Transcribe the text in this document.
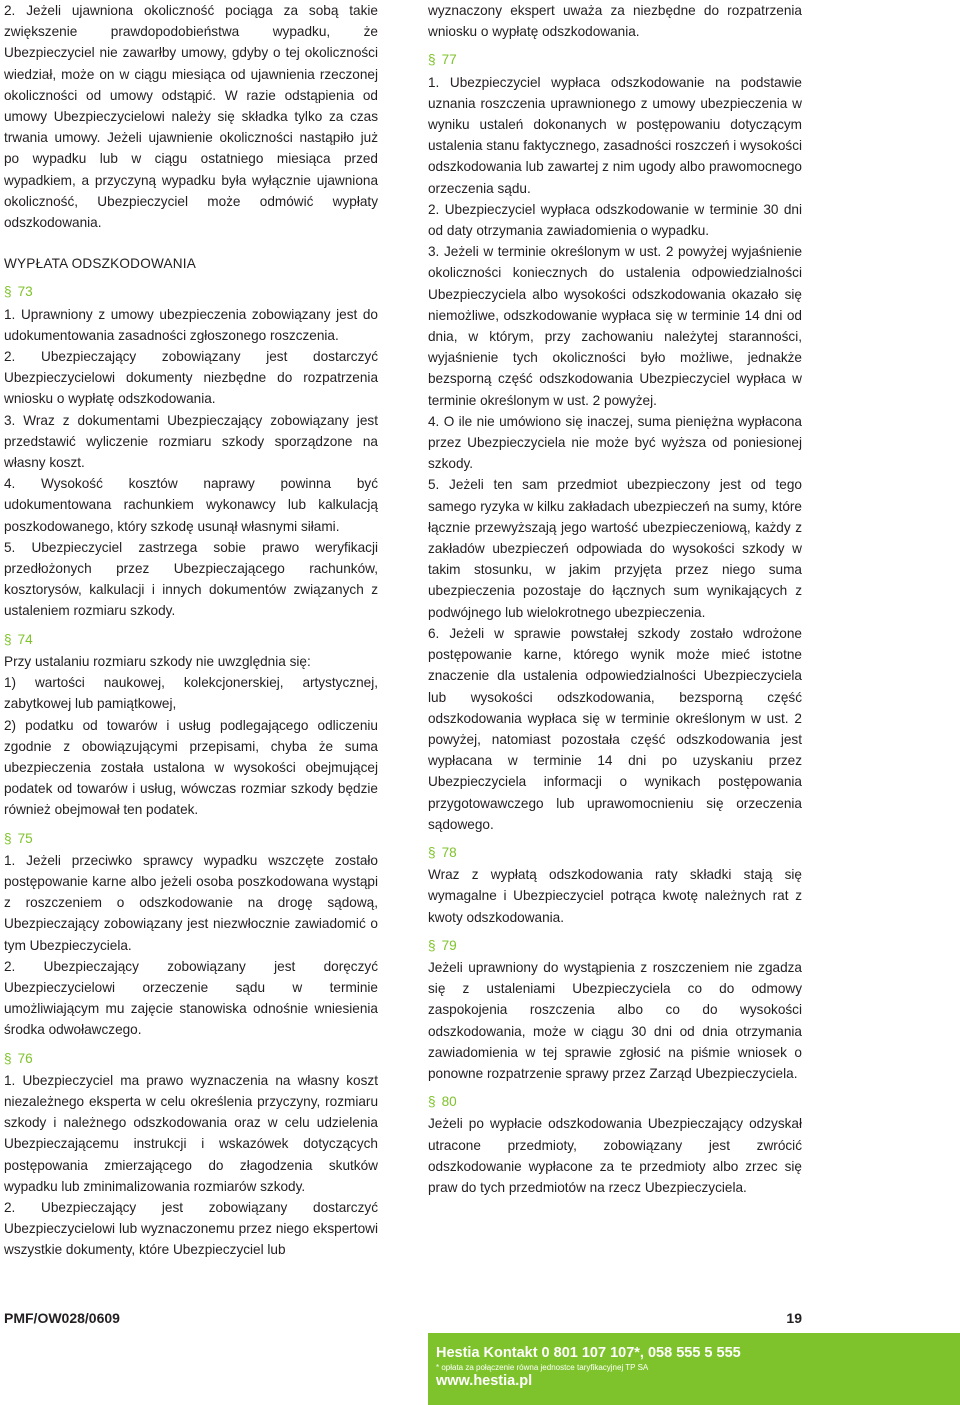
2. Jeżeli ujawniona okoliczność pociąga za sobą takie zwiększenie prawdopodobieństwa wypadku, że Ubezpieczyciel nie zawarłby umowy, gdyby o tej okoliczności wiedział, może on w ciągu miesiąca od ujawnienia rzeczonej okoliczności od umowy odstąpić. W razie odstąpienia od umowy Ubezpieczycielowi należy się składka tylko za czas trwania umowy. Jeżeli ujawnienie okoliczności nastąpiło już po wypadku lub w ciągu ostatniego miesiąca przed wypadkiem, a przyczyną wypadku była wyłącznie ujawniona okoliczność, Ubezpieczyciel może odmówić wypłaty odszkodowania.

WYPŁATA ODSZKODOWANIA
§ 73

1. Uprawniony z umowy ubezpieczenia zobowiązany jest do udokumentowania zasadności zgłoszonego roszczenia.

2. Ubezpieczający zobowiązany jest dostarczyć Ubezpieczycielowi dokumenty niezbędne do rozpatrzenia wniosku o wypłatę odszkodowania.

3. Wraz z dokumentami Ubezpieczający zobowiązany jest przedstawić wyliczenie rozmiaru szkody sporządzone na własny koszt.

4. Wysokość kosztów naprawy powinna być udokumentowana rachunkiem wykonawcy lub kalkulacją poszkodowanego, który szkodę usunął własnymi siłami.

5. Ubezpieczyciel zastrzega sobie prawo weryfikacji przedłożonych przez Ubezpieczającego rachunków, kosztorysów, kalkulacji i innych dokumentów związanych z ustaleniem rozmiaru szkody.

§ 74

Przy ustalaniu rozmiaru szkody nie uwzględnia się:

1) wartości naukowej, kolekcjonerskiej, artystycznej, zabytkowej lub pamiątkowej,

2) podatku od towarów i usług podlegającego odliczeniu zgodnie z obowiązującymi przepisami, chyba że suma ubezpieczenia została ustalona w wysokości obejmującej podatek od towarów i usług, wówczas rozmiar szkody będzie również obejmował ten podatek.

§ 75

1. Jeżeli przeciwko sprawcy wypadku wszczęte zostało postępowanie karne albo jeżeli osoba poszkodowana wystąpi z roszczeniem o odszkodowanie na drogę sądową, Ubezpieczający zobowiązany jest niezwłocznie zawiadomić o tym Ubezpieczyciela.

2. Ubezpieczający zobowiązany jest doręczyć Ubezpieczycielowi orzeczenie sądu w terminie umożliwiającym mu zajęcie stanowiska odnośnie wniesienia środka odwoławczego.

§ 76

1. Ubezpieczyciel ma prawo wyznaczenia na własny koszt niezależnego eksperta w celu określenia przyczyny, rozmiaru szkody i należnego odszkodowania oraz w celu udzielenia Ubezpieczającemu instrukcji i wskazówek dotyczących postępowania zmierzającego do złagodzenia skutków wypadku lub zminimalizowania rozmiarów szkody.

2. Ubezpieczający jest zobowiązany dostarczyć Ubezpieczycielowi lub wyznaczonemu przez niego ekspertowi wszystkie dokumenty, które Ubezpieczyciel lub

wyznaczony ekspert uważa za niezbędne do rozpatrzenia wniosku o wypłatę odszkodowania.

§ 77

1. Ubezpieczyciel wypłaca odszkodowanie na podstawie uznania roszczenia uprawnionego z umowy ubezpieczenia w wyniku ustaleń dokonanych w postępowaniu dotyczącym ustalenia stanu faktycznego, zasadności roszczeń i wysokości odszkodowania lub zawartej z nim ugody albo prawomocnego orzeczenia sądu.

2. Ubezpieczyciel wypłaca odszkodowanie w terminie 30 dni od daty otrzymania zawiadomienia o wypadku.

3. Jeżeli w terminie określonym w ust. 2 powyżej wyjaśnienie okoliczności koniecznych do ustalenia odpowiedzialności Ubezpieczyciela albo wysokości odszkodowania okazało się niemożliwe, odszkodowanie wypłaca się w terminie 14 dni od dnia, w którym, przy zachowaniu należytej staranności, wyjaśnienie tych okoliczności było możliwe, jednakże bezsporną część odszkodowania Ubezpieczyciel wypłaca w terminie określonym w ust. 2 powyżej.

4. O ile nie umówiono się inaczej, suma pieniężna wypłacona przez Ubezpieczyciela nie może być wyższa od poniesionej szkody.

5. Jeżeli ten sam przedmiot ubezpieczony jest od tego samego ryzyka w kilku zakładach ubezpieczeń na sumy, które łącznie przewyższają jego wartość ubezpieczeniową, każdy z zakładów ubezpieczeń odpowiada do wysokości szkody w takim stosunku, w jakim przyjęta przez niego suma ubezpieczenia pozostaje do łącznych sum wynikających z podwójnego lub wielokrotnego ubezpieczenia.

6. Jeżeli w sprawie powstałej szkody zostało wdrożone postępowanie karne, którego wynik może mieć istotne znaczenie dla ustalenia odpowiedzialności Ubezpieczyciela lub wysokości odszkodowania, bezsporną część odszkodowania wypłaca się w terminie określonym w ust. 2 powyżej, natomiast pozostała część odszkodowania jest wypłacana w terminie 14 dni po uzyskaniu przez Ubezpieczyciela informacji o wynikach postępowania przygotowawczego lub uprawomocnieniu się orzeczenia sądowego.

§ 78

Wraz z wypłatą odszkodowania raty składki stają się wymagalne i Ubezpieczyciel potrąca kwotę należnych rat z kwoty odszkodowania.

§ 79

Jeżeli uprawniony do wystąpienia z roszczeniem nie zgadza się z ustaleniami Ubezpieczyciela co do odmowy zaspokojenia roszczenia albo co do wysokości odszkodowania, może w ciągu 30 dni od dnia otrzymania zawiadomienia w tej sprawie zgłosić na piśmie wniosek o ponowne rozpatrzenie sprawy przez Zarząd Ubezpieczyciela.

§ 80

Jeżeli po wypłacie odszkodowania Ubezpieczający odzyskał utracone przedmioty, zobowiązany jest zwrócić odszkodowanie wypłacone za te przedmioty albo zrzec się praw do tych przedmiotów na rzecz Ubezpieczyciela.

PMF/OW028/0609	19
Hestia Kontakt 0 801 107 107*, 058 555 5 555
* opłata za połączenie równa jednostce taryfikacyjnej TP SA
www.hestia.pl
